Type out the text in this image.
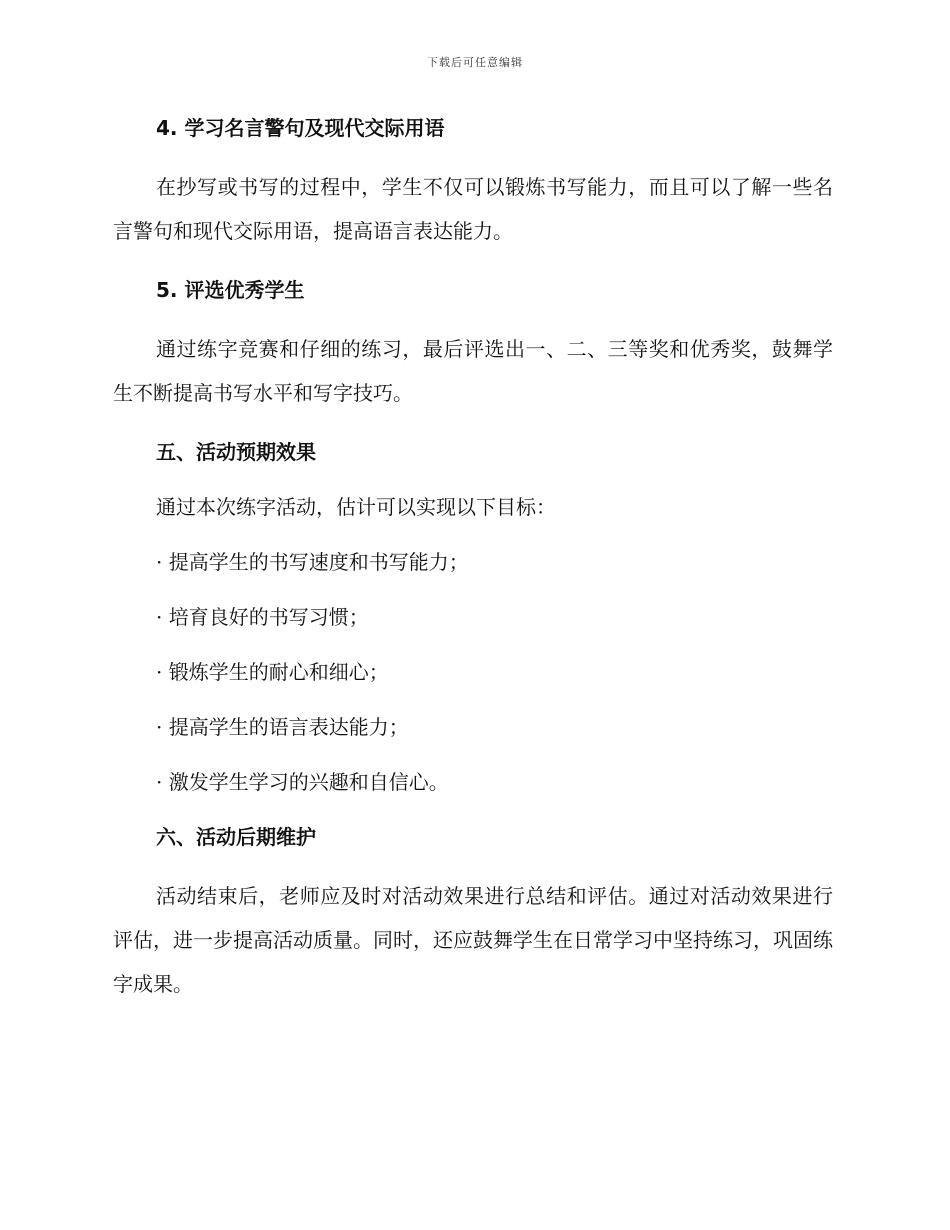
下载后可任意编辑

4. 学习名言警句及现代交际用语

在抄写或书写的过程中，学生不仅可以锻炼书写能力，而且可以了解一些名言警句和现代交际用语，提高语言表达能力。

5. 评选优秀学生

通过练字竞赛和仔细的练习，最后评选出一、二、三等奖和优秀奖，鼓舞学生不断提高书写水平和写字技巧。

五、活动预期效果

通过本次练字活动，估计可以实现以下目标：

· 提高学生的书写速度和书写能力；

· 培育良好的书写习惯；

· 锻炼学生的耐心和细心；

· 提高学生的语言表达能力；

· 激发学生学习的兴趣和自信心。

六、活动后期维护

活动结束后，老师应及时对活动效果进行总结和评估。通过对活动效果进行评估，进一步提高活动质量。同时，还应鼓舞学生在日常学习中坚持练习，巩固练字成果。
